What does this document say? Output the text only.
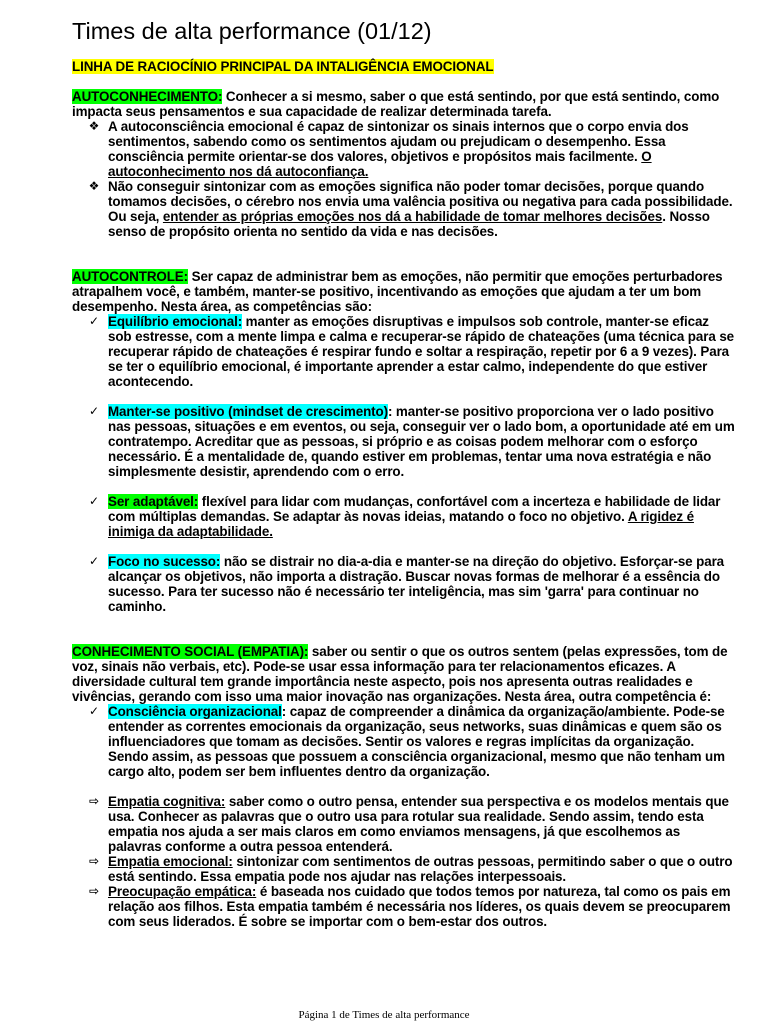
Times de alta performance (01/12)
LINHA DE RACIOCÍNIO PRINCIPAL DA INTALIGÊNCIA EMOCIONAL
AUTOCONHECIMENTO: Conhecer a si mesmo, saber o que está sentindo, por que está sentindo, como impacta seus pensamentos e sua capacidade de realizar determinada tarefa.
❖ A autoconsciência emocional é capaz de sintonizar os sinais internos que o corpo envia dos sentimentos, sabendo como os sentimentos ajudam ou prejudicam o desempenho. Essa consciência permite orientar-se dos valores, objetivos e propósitos mais facilmente. O autoconhecimento nos dá autoconfiança.
❖ Não conseguir sintonizar com as emoções significa não poder tomar decisões, porque quando tomamos decisões, o cérebro nos envia uma valência positiva ou negativa para cada possibilidade. Ou seja, entender as próprias emoções nos dá a habilidade de tomar melhores decisões. Nosso senso de propósito orienta no sentido da vida e nas decisões.
AUTOCONTROLE: Ser capaz de administrar bem as emoções, não permitir que emoções perturbadores atrapalhem você, e também, manter-se positivo, incentivando as emoções que ajudam a ter um bom desempenho. Nesta área, as competências são:
✓ Equilíbrio emocional: manter as emoções disruptivas e impulsos sob controle, manter-se eficaz sob estresse, com a mente limpa e calma e recuperar-se rápido de chateações (uma técnica para se recuperar rápido de chateações é respirar fundo e soltar a respiração, repetir por 6 a 9 vezes). Para se ter o equilíbrio emocional, é importante aprender a estar calmo, independente do que estiver acontecendo.
✓ Manter-se positivo (mindset de crescimento): manter-se positivo proporciona ver o lado positivo nas pessoas, situações e em eventos, ou seja, conseguir ver o lado bom, a oportunidade até em um contratempo. Acreditar que as pessoas, si próprio e as coisas podem melhorar com o esforço necessário. É a mentalidade de, quando estiver em problemas, tentar uma nova estratégia e não simplesmente desistir, aprendendo com o erro.
✓ Ser adaptável: flexível para lidar com mudanças, confortável com a incerteza e habilidade de lidar com múltiplas demandas. Se adaptar às novas ideias, matando o foco no objetivo. A rigidez é inimiga da adaptabilidade.
✓ Foco no sucesso: não se distrair no dia-a-dia e manter-se na direção do objetivo. Esforçar-se para alcançar os objetivos, não importa a distração. Buscar novas formas de melhorar é a essência do sucesso. Para ter sucesso não é necessário ter inteligência, mas sim 'garra' para continuar no caminho.
CONHECIMENTO SOCIAL (EMPATIA): saber ou sentir o que os outros sentem (pelas expressões, tom de voz, sinais não verbais, etc). Pode-se usar essa informação para ter relacionamentos eficazes. A diversidade cultural tem grande importância neste aspecto, pois nos apresenta outras realidades e vivências, gerando com isso uma maior inovação nas organizações. Nesta área, outra competência é:
✓ Consciência organizacional: capaz de compreender a dinâmica da organização/ambiente. Pode-se entender as correntes emocionais da organização, seus networks, suas dinâmicas e quem são os influenciadores que tomam as decisões. Sentir os valores e regras implícitas da organização. Sendo assim, as pessoas que possuem a consciência organizacional, mesmo que não tenham um cargo alto, podem ser bem influentes dentro da organização.
⇨ Empatia cognitiva: saber como o outro pensa, entender sua perspectiva e os modelos mentais que usa. Conhecer as palavras que o outro usa para rotular sua realidade. Sendo assim, tendo esta empatia nos ajuda a ser mais claros em como enviamos mensagens, já que escolhemos as palavras conforme a outra pessoa entenderá.
⇨ Empatia emocional: sintonizar com sentimentos de outras pessoas, permitindo saber o que o outro está sentindo. Essa empatia pode nos ajudar nas relações interpessoais.
⇨ Preocupação empática: é baseada nos cuidado que todos temos por natureza, tal como os pais em relação aos filhos. Esta empatia também é necessária nos líderes, os quais devem se preocuparem com seus liderados. É sobre se importar com o bem-estar dos outros.
Página 1 de Times de alta performance
